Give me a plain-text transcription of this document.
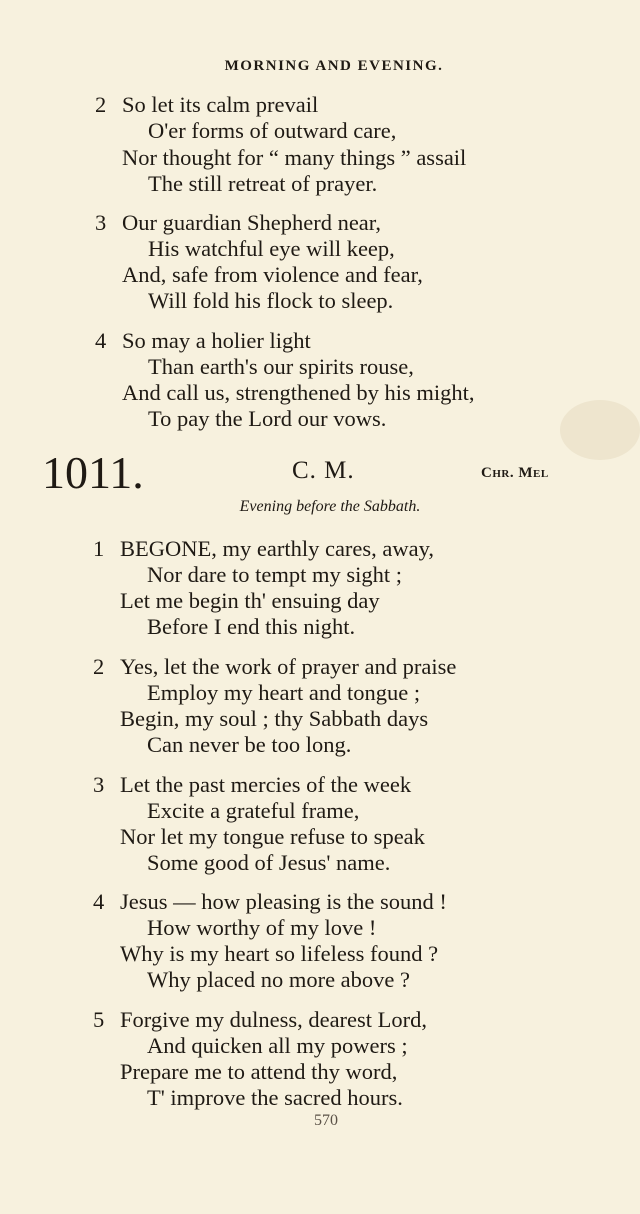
MORNING AND EVENING.
2 So let its calm prevail
O'er forms of outward care,
Nor thought for “ many things ” assail
The still retreat of prayer.
3 Our guardian Shepherd near,
His watchful eye will keep,
And, safe from violence and fear,
Will fold his flock to sleep.
4 So may a holier light
Than earth's our spirits rouse,
And call us, strengthened by his might,
To pay the Lord our vows.
1011.	C. M.	Chr. Mel
Evening before the Sabbath.
1 BEGONE, my earthly cares, away,
Nor dare to tempt my sight ;
Let me begin th' ensuing day
Before I end this night.
2 Yes, let the work of prayer and praise
Employ my heart and tongue ;
Begin, my soul ; thy Sabbath days
Can never be too long.
3 Let the past mercies of the week
Excite a grateful frame,
Nor let my tongue refuse to speak
Some good of Jesus' name.
4 Jesus — how pleasing is the sound !
How worthy of my love !
Why is my heart so lifeless found ?
Why placed no more above ?
5 Forgive my dulness, dearest Lord,
And quicken all my powers ;
Prepare me to attend thy word,
T' improve the sacred hours.
570
